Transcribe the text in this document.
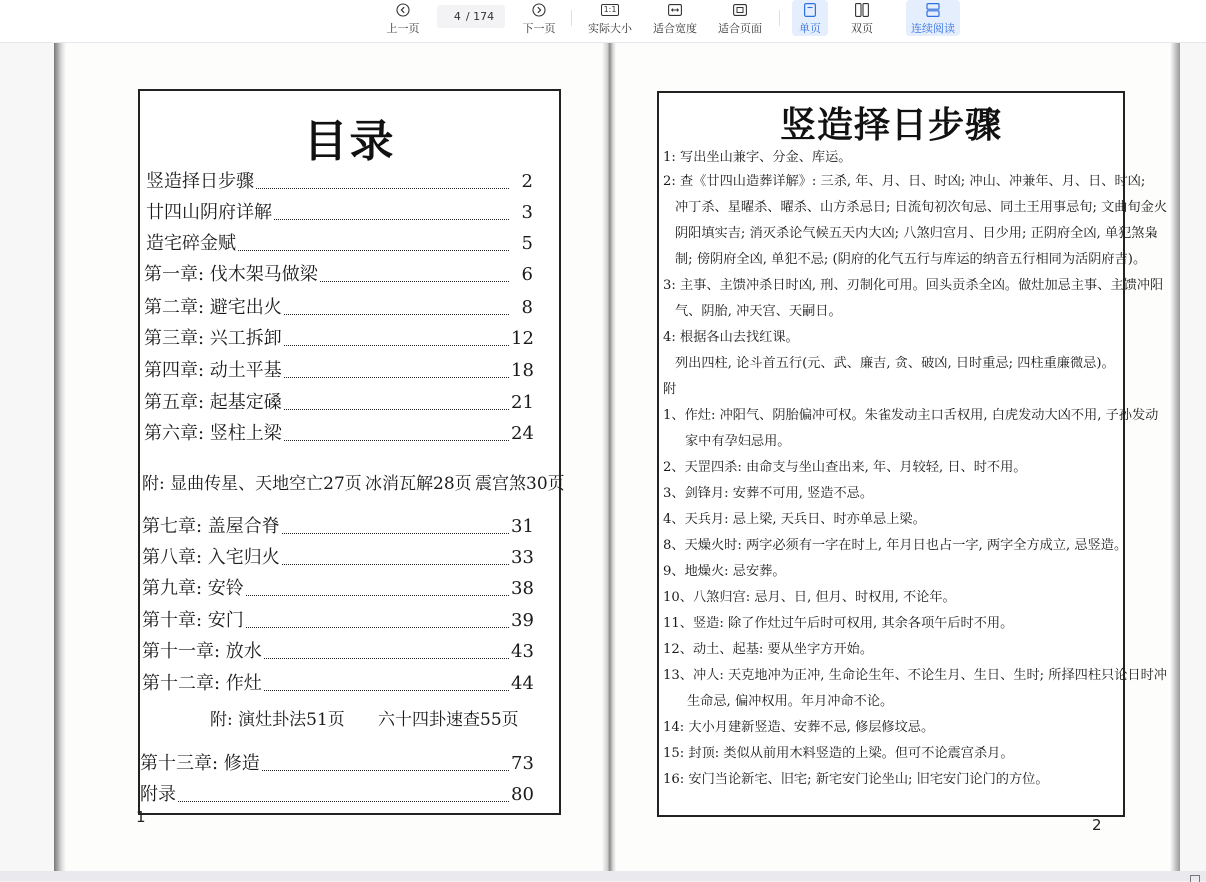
上一页
4
/ 174
下一页
1:1
实际大小 适合宽度 适合页面	单页	双页	连续阅读
目录
竖造择日步骤	2
廿四山阴府详解	3
造宅碎金赋	5
第一章: 伐木架马做梁	6
第二章: 避宅出火	8
第三章: 兴工拆卸	12
第四章: 动土平基	18
第五章: 起基定磉	21
第六章: 竖柱上梁	24
第七章: 盖屋合脊	31
第八章: 入宅归火	33
第九章: 安铃	38
第十章: 安门	39
第十一章: 放水	43
第十二章: 作灶	44
第十三章: 修造	73
附录	80
附: 显曲传星、天地空亡27页 冰消瓦解28页 震宫煞30页
附: 演灶卦法51页 六十四卦速查55页
1
竖造择日步骤
1: 写出坐山兼字、分金、库运。
2: 查《廿四山造葬详解》: 三杀, 年、月、日、时凶; 冲山、冲兼年、月、日、时凶;
冲丁杀、星曜杀、曜杀、山方杀忌日; 日流旬初次旬忌、同土王用事忌旬; 文曲旬金火
阴阳填实吉; 消灭杀论气候五天内大凶; 八煞归宫月、日少用; 正阴府全凶, 单犯煞枭
制; 傍阴府全凶, 单犯不忌; (阴府的化气五行与库运的纳音五行相同为活阴府吉)。
3: 主事、主馈冲杀日时凶, 刑、刃制化可用。回头贡杀全凶。做灶加忌主事、主馈冲阳
气、阴胎, 冲天宫、天嗣日。
4: 根据各山去找红课。
列出四柱, 论斗首五行(元、武、廉吉, 贪、破凶, 日时重忌; 四柱重廉微忌)。
附
1、作灶: 冲阳气、阴胎偏冲可权。朱雀发动主口舌权用, 白虎发动大凶不用, 子孙发动
家中有孕妇忌用。
2、天罡四杀: 由命支与坐山查出来, 年、月较轻, 日、时不用。
3、剑锋月: 安葬不可用, 竖造不忌。
4、天兵月: 忌上梁, 天兵日、时亦单忌上梁。
8、天燥火时: 两字必须有一字在时上, 年月日也占一字, 两字全方成立, 忌竖造。
9、地燥火: 忌安葬。
10、八煞归宫: 忌月、日, 但月、时权用, 不论年。
11、竖造: 除了作灶过午后时可权用, 其余各项午后时不用。
12、动土、起基: 要从坐字方开始。
13、冲人: 天克地冲为正冲, 生命论生年、不论生月、生日、生时; 所择四柱只论日时冲
生命忌, 偏冲权用。年月冲命不论。
14: 大小月建新竖造、安葬不忌, 修层修坟忌。
15: 封顶: 类似从前用木料竖造的上梁。但可不论震宫杀月。
16: 安门当论新宅、旧宅; 新宅安门论坐山; 旧宅安门论门的方位。
2
